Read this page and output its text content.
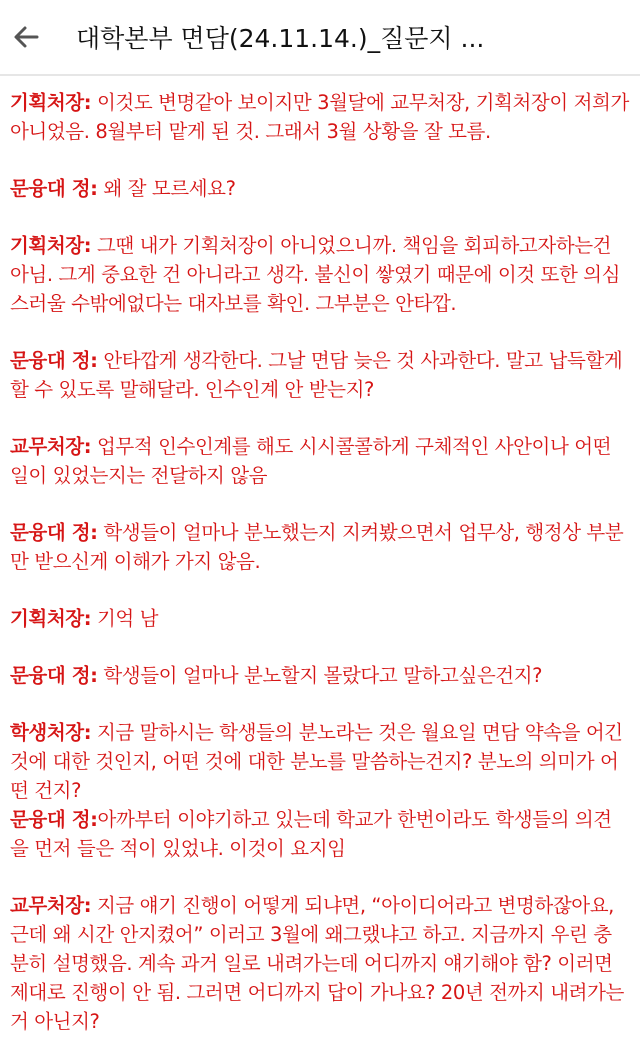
대학본부 면담(24.11.14.)_질문지 ...
기획처장: 이것도 변명같아 보이지만 3월달에 교무처장, 기획처장이 저희가 아니었음. 8월부터 맡게 된 것. 그래서 3월 상황을 잘 모름.
문융대 정: 왜 잘 모르세요?
기획처장: 그땐 내가 기획처장이 아니었으니까. 책임을 회피하고자하는건 아님. 그게 중요한 건 아니라고 생각. 불신이 쌓였기 때문에 이것 또한 의심스러울 수밖에없다는 대자보를 확인. 그부분은 안타깝.
문융대 정: 안타깝게 생각한다. 그날 면담 늦은 것 사과한다. 말고 납득할게 할 수 있도록 말해달라. 인수인계 안 받는지?
교무처장: 업무적 인수인계를 해도 시시콜콜하게 구체적인 사안이나 어떤 일이 있었는지는 전달하지 않음
문융대 정: 학생들이 얼마나 분노했는지 지켜봤으면서 업무상, 행정상 부분만 받으신게 이해가 가지 않음.
기획처장: 기억 남
문융대 정: 학생들이 얼마나 분노할지 몰랐다고 말하고싶은건지?
학생처장: 지금 말하시는 학생들의 분노라는 것은 월요일 면담 약속을 어긴 것에 대한 것인지, 어떤 것에 대한 분노를 말씀하는건지? 분노의 의미가 어떤 건지?
문융대 정:아까부터 이야기하고 있는데 학교가 한번이라도 학생들의 의견을 먼저 들은 적이 있었냐. 이것이 요지임
교무처장: 지금 얘기 진행이 어떻게 되냐면, “아이디어라고 변명하잖아요, 근데 왜 시간 안지켰어” 이러고 3월에 왜그랬냐고 하고. 지금까지 우린 충분히 설명했음. 계속 과거 일로 내려가는데 어디까지 얘기해야 함? 이러면 제대로 진행이 안 됨. 그러면 어디까지 답이 가나요? 20년 전까지 내려가는 거 아닌지?
